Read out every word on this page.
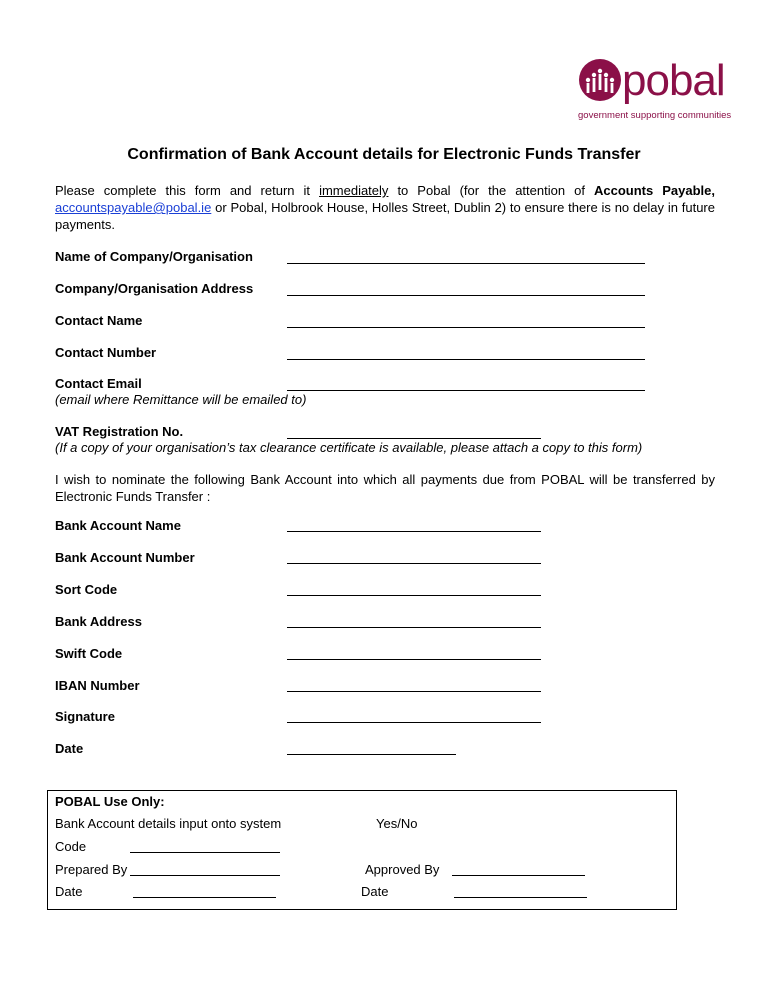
pobal
government supporting communities
Confirmation of Bank Account details for Electronic Funds Transfer
Please complete this form and return it immediately to Pobal (for the attention of Accounts Payable, accountspayable@pobal.ie or Pobal, Holbrook House, Holles Street, Dublin 2) to ensure there is no delay in future payments.
Name of Company/Organisation
Company/Organisation Address
Contact Name
Contact Number
Contact Email
(email where Remittance will be emailed to)
VAT Registration No.
(If a copy of your organisation’s tax clearance certificate is available, please attach a copy to this form)
I wish to nominate the following Bank Account into which all payments due from POBAL will be transferred by Electronic Funds Transfer :
Bank Account Name
Bank Account Number
Sort Code
Bank Address
Swift Code
IBAN Number
Signature
Date
POBAL Use Only:
Bank Account details input onto system	Yes/No
Code
Prepared By	Approved By
Date	Date
